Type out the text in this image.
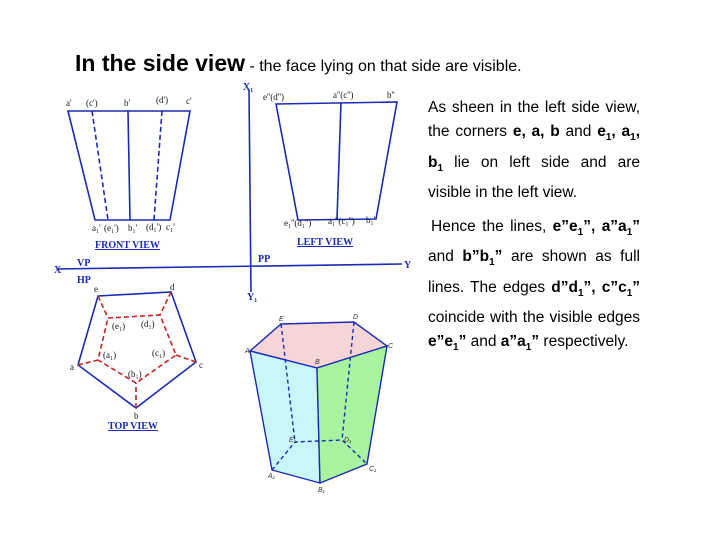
In the side view - the face lying on that side are visible.
X₁
Y₁
X	Y
VP
HP
PP
a' (c')	b'	(d') c'
a₁' (e₁') b₁' (d₁') c₁'
FRONT VIEW
e''(d'')	a''(c'')	b''
e₁''(d₁'') a₁''(c₁'') b₁''
LEFT VIEW
e	d
a	c
b
(e₁) (d₁)
(a₁)	(c₁)
(b₁)
TOP VIEW
E	D
A
C
B
E₁	D₁
A₁
C₁
B₁

As sheen in the left side view, the corners e, a, b and $e_1$, $a_1$, $b_1$ lie on left side and are visible in the left view.

Hence the lines, $e”e_1$”, $a”a_1$” and $b”b_1$” are shown as full lines. The edges $d”d_1$”, $c”c_1$” coincide with the visible edges $e”e_1$” and $a”a_1$” respectively.
